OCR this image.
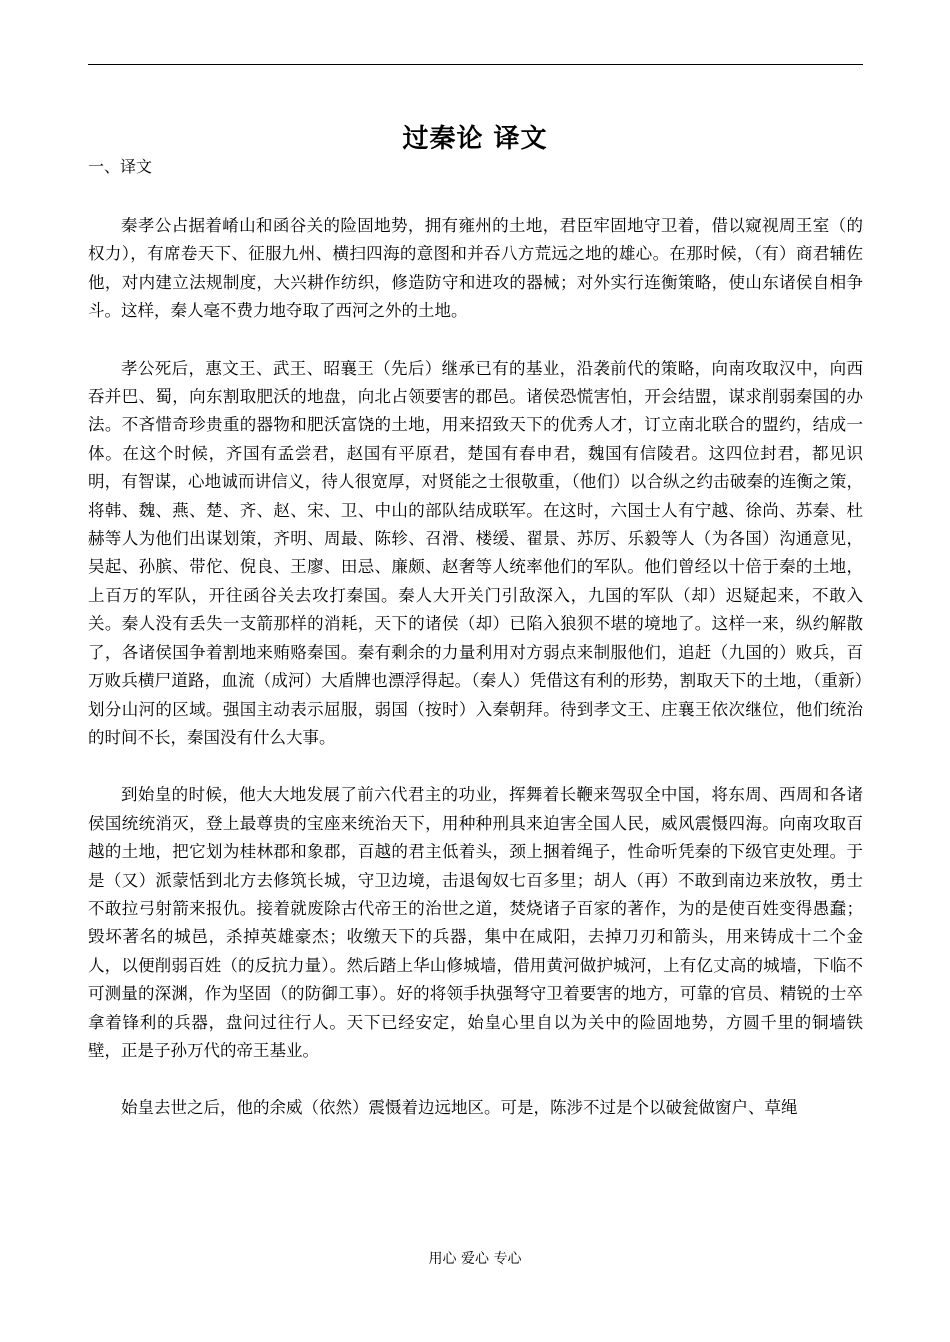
过秦论 译文

一、译文

秦孝公占据着崤山和函谷关的险固地势，拥有雍州的土地，君臣牢固地守卫着，借以窥视周王室（的权力），有席卷天下、征服九州、横扫四海的意图和并吞八方荒远之地的雄心。在那时候，（有）商君辅佐他，对内建立法规制度，大兴耕作纺织，修造防守和进攻的器械；对外实行连衡策略，使山东诸侯自相争斗。这样，秦人毫不费力地夺取了西河之外的土地。

孝公死后，惠文王、武王、昭襄王（先后）继承已有的基业，沿袭前代的策略，向南攻取汉中，向西吞并巴、蜀，向东割取肥沃的地盘，向北占领要害的郡邑。诸侯恐慌害怕，开会结盟，谋求削弱秦国的办法。不吝惜奇珍贵重的器物和肥沃富饶的土地，用来招致天下的优秀人才，订立南北联合的盟约，结成一体。在这个时候，齐国有孟尝君，赵国有平原君，楚国有春申君，魏国有信陵君。这四位封君，都见识明，有智谋，心地诚而讲信义，待人很宽厚，对贤能之士很敬重，（他们）以合纵之约击破秦的连衡之策，将韩、魏、燕、楚、齐、赵、宋、卫、中山的部队结成联军。在这时，六国士人有宁越、徐尚、苏秦、杜赫等人为他们出谋划策，齐明、周最、陈轸、召滑、楼缓、翟景、苏厉、乐毅等人（为各国）沟通意见，吴起、孙膑、带佗、倪良、王廖、田忌、廉颇、赵奢等人统率他们的军队。他们曾经以十倍于秦的土地，上百万的军队，开往函谷关去攻打秦国。秦人大开关门引敌深入，九国的军队（却）迟疑起来，不敢入关。秦人没有丢失一支箭那样的消耗，天下的诸侯（却）已陷入狼狈不堪的境地了。这样一来，纵约解散了，各诸侯国争着割地来贿赂秦国。秦有剩余的力量利用对方弱点来制服他们，追赶（九国的）败兵，百万败兵横尸道路，血流（成河）大盾牌也漂浮得起。（秦人）凭借这有利的形势，割取天下的土地，（重新）划分山河的区域。强国主动表示屈服，弱国（按时）入秦朝拜。待到孝文王、庄襄王依次继位，他们统治的时间不长，秦国没有什么大事。

到始皇的时候，他大大地发展了前六代君主的功业，挥舞着长鞭来驾驭全中国，将东周、西周和各诸侯国统统消灭，登上最尊贵的宝座来统治天下，用种种刑具来迫害全国人民，威风震慑四海。向南攻取百越的土地，把它划为桂林郡和象郡，百越的君主低着头，颈上捆着绳子，性命听凭秦的下级官吏处理。于是（又）派蒙恬到北方去修筑长城，守卫边境，击退匈奴七百多里；胡人（再）不敢到南边来放牧，勇士不敢拉弓射箭来报仇。接着就废除古代帝王的治世之道，焚烧诸子百家的著作，为的是使百姓变得愚蠢；毁坏著名的城邑，杀掉英雄豪杰；收缴天下的兵器，集中在咸阳，去掉刀刃和箭头，用来铸成十二个金人，以便削弱百姓（的反抗力量）。然后踏上华山修城墙，借用黄河做护城河，上有亿丈高的城墙，下临不可测量的深渊，作为坚固（的防御工事）。好的将领手执强弩守卫着要害的地方，可靠的官员、精锐的士卒拿着锋利的兵器，盘问过往行人。天下已经安定，始皇心里自以为关中的险固地势，方圆千里的铜墙铁壁，正是子孙万代的帝王基业。

始皇去世之后，他的余威（依然）震慑着边远地区。可是，陈涉不过是个以破瓮做窗户、草绳

用心 爱心 专心
